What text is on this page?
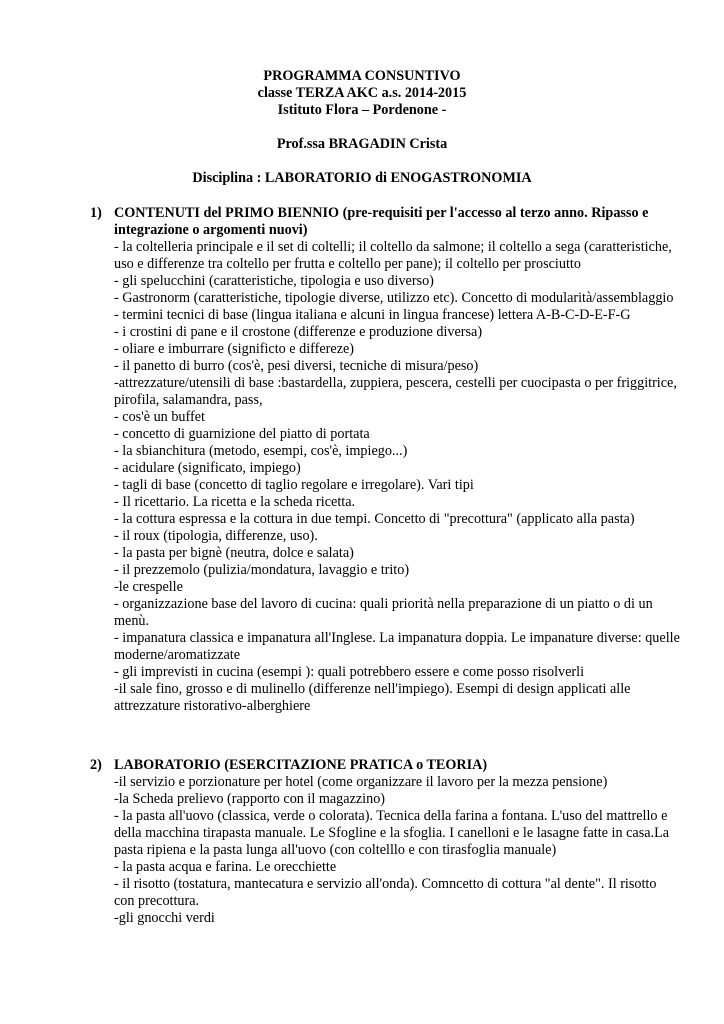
PROGRAMMA CONSUNTIVO
classe TERZA AKC a.s. 2014-2015
Istituto Flora – Pordenone -
Prof.ssa BRAGADIN Crista
Disciplina : LABORATORIO di ENOGASTRONOMIA
1) CONTENUTI del PRIMO BIENNIO (pre-requisiti per l'accesso al terzo anno. Ripasso e integrazione o argomenti nuovi)
- la coltelleria principale e il set di coltelli; il coltello da salmone; il coltello a sega (caratteristiche, uso e differenze tra coltello per frutta e coltello per pane); il coltello per prosciutto
- gli spelucchini (caratteristiche, tipologia e uso diverso)
- Gastronorm (caratteristiche, tipologie diverse, utilizzo etc). Concetto di modularità/assemblaggio
- termini tecnici di base (lingua italiana e alcuni in lingua francese) lettera A-B-C-D-E-F-G
- i crostini di pane e il crostone (differenze e produzione diversa)
- oliare e imburrare (significto e differeze)
- il panetto di burro (cos'è, pesi diversi, tecniche di misura/peso)
-attrezzature/utensili di base :bastardella, zuppiera, pescera, cestelli per cuocipasta o per friggitrice, pirofila, salamandra, pass,
- cos'è un buffet
- concetto di guarnizione del piatto di portata
- la sbianchitura (metodo, esempi, cos'è, impiego...)
- acidulare (significato, impiego)
- tagli di base (concetto di taglio regolare e irregolare). Vari tipi
- Il ricettario. La ricetta e la scheda ricetta.
- la cottura espressa e la cottura in due tempi. Concetto di "precottura" (applicato alla pasta)
- il roux (tipologia, differenze, uso).
- la pasta per bignè (neutra, dolce e salata)
- il prezzemolo (pulizia/mondatura, lavaggio e trito)
-le crespelle
- organizzazione base del lavoro di cucina: quali priorità nella preparazione di un piatto o di un menù.
- impanatura classica e impanatura all'Inglese. La impanatura doppia. Le impanature diverse: quelle moderne/aromatizzate
- gli imprevisti in cucina (esempi ): quali potrebbero essere e come posso risolverli
-il sale fino, grosso e di mulinello (differenze nell'impiego). Esempi di design applicati alle attrezzature ristorativo-alberghiere
2) LABORATORIO (ESERCITAZIONE PRATICA o TEORIA)
-il servizio e porzionature per hotel (come organizzare il lavoro per la mezza pensione)
-la Scheda prelievo (rapporto con il magazzino)
- la pasta all'uovo (classica, verde o colorata). Tecnica della farina a fontana. L'uso del mattrello e della macchina tirapasta manuale. Le Sfogline e la sfoglia. I canelloni e le lasagne fatte in casa.La pasta ripiena e la pasta lunga all'uovo (con coltelllo e con tirasfoglia manuale)
- la pasta acqua e farina. Le orecchiette
- il risotto (tostatura, mantecatura e servizio all'onda). Comncetto di cottura "al dente". Il risotto con precottura.
-gli gnocchi verdi
